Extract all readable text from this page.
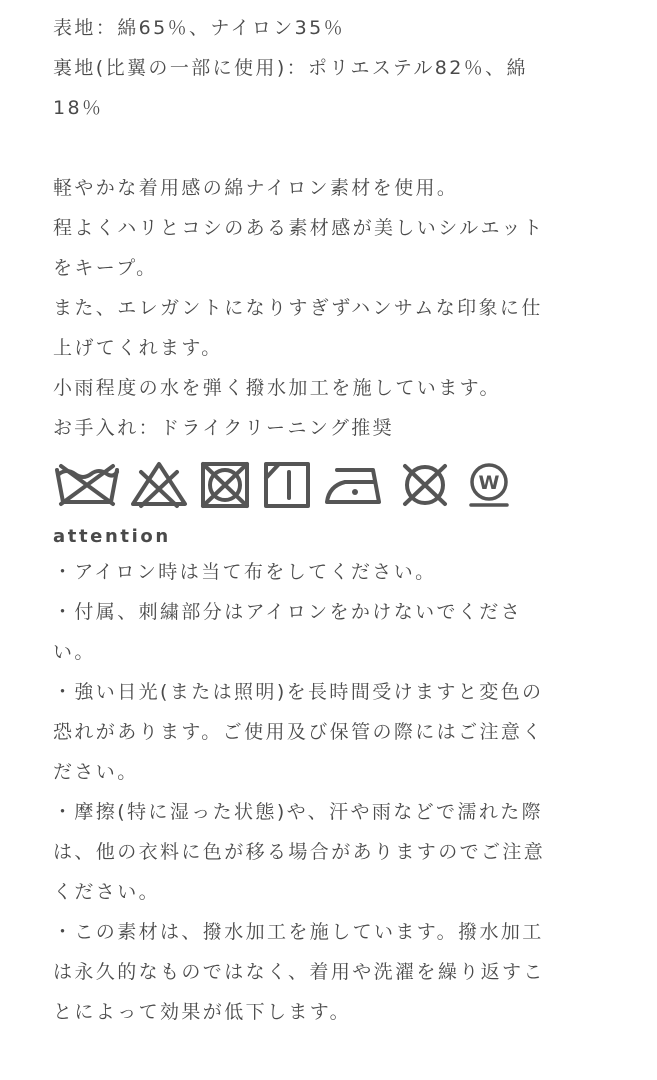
表地：綿65％、ナイロン35％
裏地(比翼の一部に使用)：ポリエステル82％、綿
18％
軽やかな着用感の綿ナイロン素材を使用。
程よくハリとコシのある素材感が美しいシルエット
をキープ。
また、エレガントになりすぎずハンサムな印象に仕
上げてくれます。
小雨程度の水を弾く撥水加工を施しています。
お手入れ：ドライクリーニング推奨
W
attention
・アイロン時は当て布をしてください。
・付属、刺繍部分はアイロンをかけないでくださ
い。
・強い日光(または照明)を長時間受けますと変色の
恐れがあります。ご使用及び保管の際にはご注意く
ださい。
・摩擦(特に湿った状態)や、汗や雨などで濡れた際
は、他の衣料に色が移る場合がありますのでご注意
ください。
・この素材は、撥水加工を施しています。撥水加工
は永久的なものではなく、着用や洗濯を繰り返すこ
とによって効果が低下します。
